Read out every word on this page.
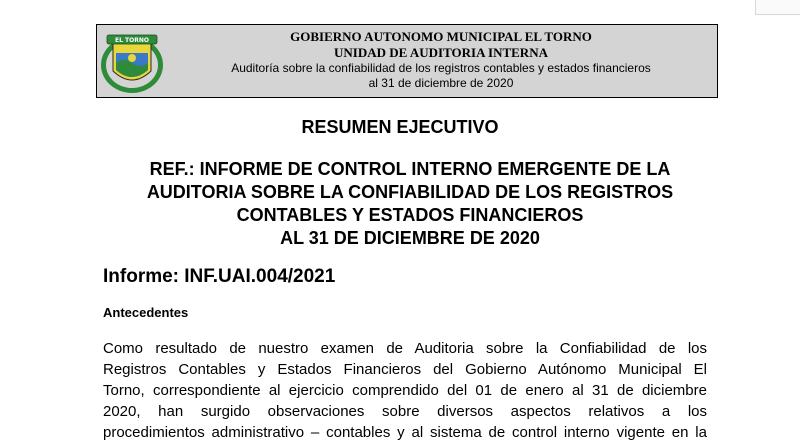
EL TORNO	GOBIERNO AUTONOMO MUNICIPAL EL TORNO
UNIDAD DE AUDITORIA INTERNA
Auditoría sobre la confiabilidad de los registros contables y estados financieros
al 31 de diciembre de 2020
RESUMEN EJECUTIVO
REF.: INFORME DE CONTROL INTERNO EMERGENTE DE LA
AUDITORIA SOBRE LA CONFIABILIDAD DE LOS REGISTROS
CONTABLES Y ESTADOS FINANCIEROS
AL 31 DE DICIEMBRE DE 2020
Informe: INF.UAI.004/2021
Antecedentes
Como resultado de nuestro examen de Auditoria sobre la Confiabilidad de los
Registros Contables y Estados Financieros del Gobierno Autónomo Municipal El
Torno, correspondiente al ejercicio comprendido del 01 de enero al 31 de diciembre
2020, han surgido observaciones sobre diversos aspectos relativos a los
procedimientos administrativo – contables y al sistema de control interno vigente en la
